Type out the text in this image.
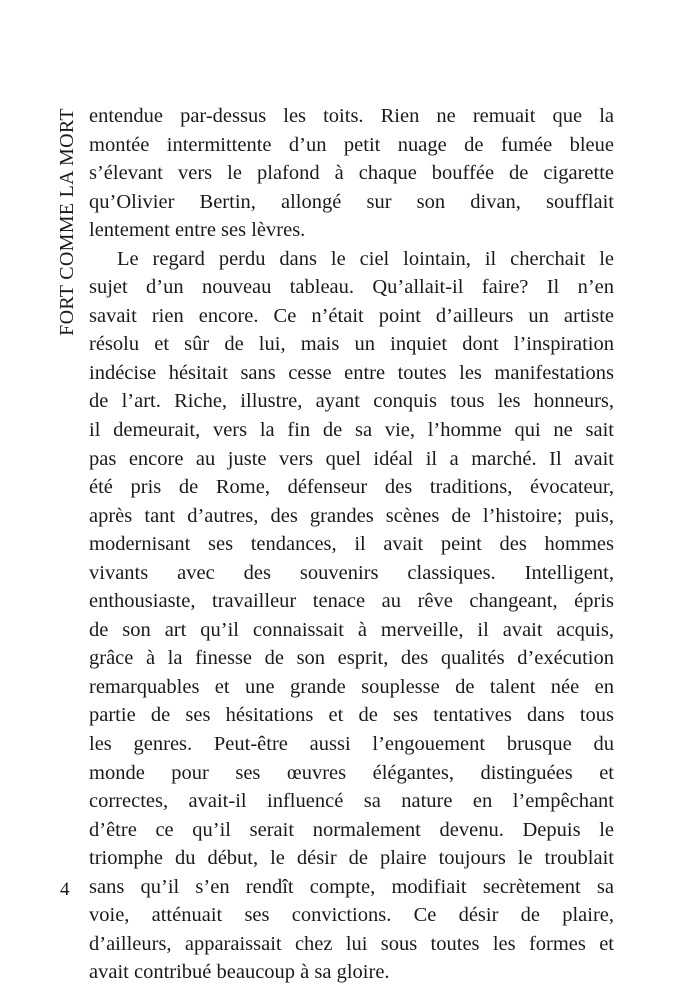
FORT COMME LA MORT entendue par-dessus les toits. Rien ne remuait que la
montée intermittente d’un petit nuage de fumée bleue
s’élevant vers le plafond à chaque bouffée de cigarette
qu’Olivier Bertin, allongé sur son divan, soufflait
lentement entre ses lèvres.
Le regard perdu dans le ciel lointain, il cherchait le
sujet d’un nouveau tableau. Qu’allait-il faire? Il n’en
savait rien encore. Ce n’était point d’ailleurs un artiste
résolu et sûr de lui, mais un inquiet dont l’inspiration
indécise hésitait sans cesse entre toutes les manifestations
de l’art. Riche, illustre, ayant conquis tous les honneurs,
il demeurait, vers la fin de sa vie, l’homme qui ne sait
pas encore au juste vers quel idéal il a marché. Il avait
été pris de Rome, défenseur des traditions, évocateur,
après tant d’autres, des grandes scènes de l’histoire; puis,
modernisant ses tendances, il avait peint des hommes
vivants avec des souvenirs classiques. Intelligent,
enthousiaste, travailleur tenace au rêve changeant, épris
de son art qu’il connaissait à merveille, il avait acquis,
grâce à la finesse de son esprit, des qualités d’exécution
remarquables et une grande souplesse de talent née en
partie de ses hésitations et de ses tentatives dans tous
les genres. Peut-être aussi l’engouement brusque du
monde pour ses œuvres élégantes, distinguées et
correctes, avait-il influencé sa nature en l’empêchant
d’être ce qu’il serait normalement devenu. Depuis le
triomphe du début, le désir de plaire toujours le troublait
sans qu’il s’en rendît compte, modifiait secrètement sa
voie, atténuait ses convictions. Ce désir de plaire,
d’ailleurs, apparaissait chez lui sous toutes les formes et
avait contribué beaucoup à sa gloire.
4
